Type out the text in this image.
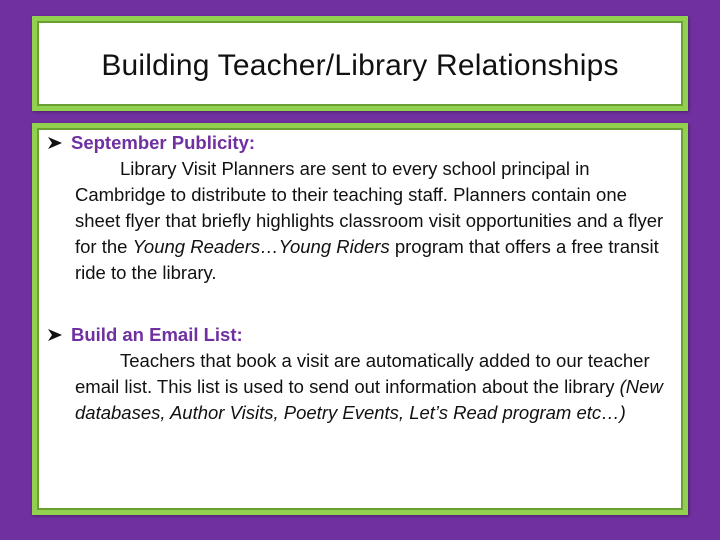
Building Teacher/Library Relationships
September Publicity:
Library Visit Planners are sent to every school principal in Cambridge to distribute to their teaching staff. Planners contain one sheet flyer that briefly highlights classroom visit opportunities and a flyer for the Young Readers…Young Riders program that offers a free transit ride to the library.
Build an Email List:
Teachers that book a visit are automatically added to our teacher email list. This list is used to send out information about the library (New databases, Author Visits, Poetry Events, Let’s Read program etc…)
